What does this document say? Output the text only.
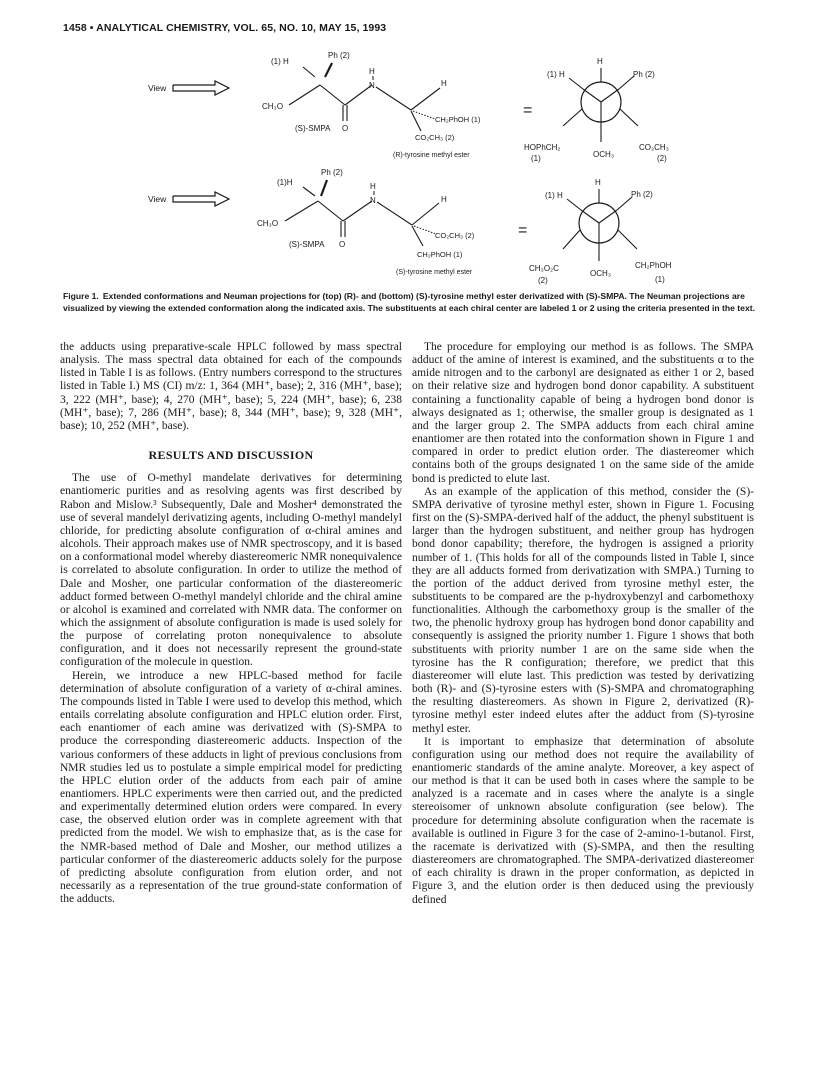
1458 • ANALYTICAL CHEMISTRY, VOL. 65, NO. 10, MAY 15, 1993
View
(1) H
Ph (2)
CH₃O
(S)-SMPA O
H
N	H
CH₂PhOH (1)
CO₂CH₃ (2)
(R)-tyrosine methyl ester
=
H
(1) H	Ph (2)
HOPhCH₂
(1)	OCH₃
CO₂CH₃
(2)
View
(1)H
Ph (2)
CH₃O
(S)-SMPA O
H
N	H
CO₂CH₃ (2)
CH₂PhOH (1)
(S)-tyrosine methyl ester
=
H
(1) H	Ph (2)
CH₃O₂C
(2)
OCH₃
CH₂PhOH
(1)
Figure 1. Extended conformations and Neuman projections for (top) (R)- and (bottom) (S)-tyrosine methyl ester derivatized with (S)-SMPA. The Neuman projections are visualized by viewing the extended conformation along the indicated axis. The substituents at each chiral center are labeled 1 or 2 using the criteria presented in the text.

the adducts using preparative-scale HPLC followed by mass spectral analysis. The mass spectral data obtained for each of the compounds listed in Table I is as follows. (Entry numbers correspond to the structures listed in Table I.) MS (CI) m/z: 1, 364 (MH⁺, base); 2, 316 (MH⁺, base); 3, 222 (MH⁺, base); 4, 270 (MH⁺, base); 5, 224 (MH⁺, base); 6, 238 (MH⁺, base); 7, 286 (MH⁺, base); 8, 344 (MH⁺, base); 9, 328 (MH⁺, base); 10, 252 (MH⁺, base).

RESULTS AND DISCUSSION

The use of O-methyl mandelate derivatives for determining enantiomeric purities and as resolving agents was first described by Rabon and Mislow.³ Subsequently, Dale and Mosher⁴ demonstrated the use of several mandelyl derivatizing agents, including O-methyl mandelyl chloride, for predicting absolute configuration of α-chiral amines and alcohols. Their approach makes use of NMR spectroscopy, and it is based on a conformational model whereby diastereomeric NMR nonequivalence is correlated to absolute configuration. In order to utilize the method of Dale and Mosher, one particular conformation of the diastereomeric adduct formed between O-methyl mandelyl chloride and the chiral amine or alcohol is examined and correlated with NMR data. The conformer on which the assignment of absolute configuration is made is used solely for the purpose of correlating proton nonequivalence to absolute configuration, and it does not necessarily represent the ground-state configuration of the molecule in question.

Herein, we introduce a new HPLC-based method for facile determination of absolute configuration of a variety of α-chiral amines. The compounds listed in Table I were used to develop this method, which entails correlating absolute configuration and HPLC elution order. First, each enantiomer of each amine was derivatized with (S)-SMPA to produce the corresponding diastereomeric adducts. Inspection of the various conformers of these adducts in light of previous conclusions from NMR studies led us to postulate a simple empirical model for predicting the HPLC elution order of the adducts from each pair of amine enantiomers. HPLC experiments were then carried out, and the predicted and experimentally determined elution orders were compared. In every case, the observed elution order was in complete agreement with that predicted from the model. We wish to emphasize that, as is the case for the NMR-based method of Dale and Mosher, our method utilizes a particular conformer of the diastereomeric adducts solely for the purpose of predicting absolute configuration from elution order, and not necessarily as a representation of the true ground-state conformation of the adducts.

The procedure for employing our method is as follows. The SMPA adduct of the amine of interest is examined, and the substituents α to the amide nitrogen and to the carbonyl are designated as either 1 or 2, based on their relative size and hydrogen bond donor capability. A substituent containing a functionality capable of being a hydrogen bond donor is always designated as 1; otherwise, the smaller group is designated as 1 and the larger group 2. The SMPA adducts from each chiral amine enantiomer are then rotated into the conformation shown in Figure 1 and compared in order to predict elution order. The diastereomer which contains both of the groups designated 1 on the same side of the amide bond is predicted to elute last.

As an example of the application of this method, consider the (S)-SMPA derivative of tyrosine methyl ester, shown in Figure 1. Focusing first on the (S)-SMPA-derived half of the adduct, the phenyl substituent is larger than the hydrogen substituent, and neither group has hydrogen bond donor capability; therefore, the hydrogen is assigned a priority number of 1. (This holds for all of the compounds listed in Table I, since they are all adducts formed from derivatization with SMPA.) Turning to the portion of the adduct derived from tyrosine methyl ester, the substituents to be compared are the p-hydroxybenzyl and carbomethoxy functionalities. Although the carbomethoxy group is the smaller of the two, the phenolic hydroxy group has hydrogen bond donor capability and consequently is assigned the priority number 1. Figure 1 shows that both substituents with priority number 1 are on the same side when the tyrosine has the R configuration; therefore, we predict that this diastereomer will elute last. This prediction was tested by derivatizing both (R)- and (S)-tyrosine esters with (S)-SMPA and chromatographing the resulting diastereomers. As shown in Figure 2, derivatized (R)-tyrosine methyl ester indeed elutes after the adduct from (S)-tyrosine methyl ester.

It is important to emphasize that determination of absolute configuration using our method does not require the availability of enantiomeric standards of the amine analyte. Moreover, a key aspect of our method is that it can be used both in cases where the sample to be analyzed is a racemate and in cases where the analyte is a single stereoisomer of unknown absolute configuration (see below). The procedure for determining absolute configuration when the racemate is available is outlined in Figure 3 for the case of 2-amino-1-butanol. First, the racemate is derivatized with (S)-SMPA, and then the resulting diastereomers are chromatographed. The SMPA-derivatized diastereomer of each chirality is drawn in the proper conformation, as depicted in Figure 3, and the elution order is then deduced using the previously defined
